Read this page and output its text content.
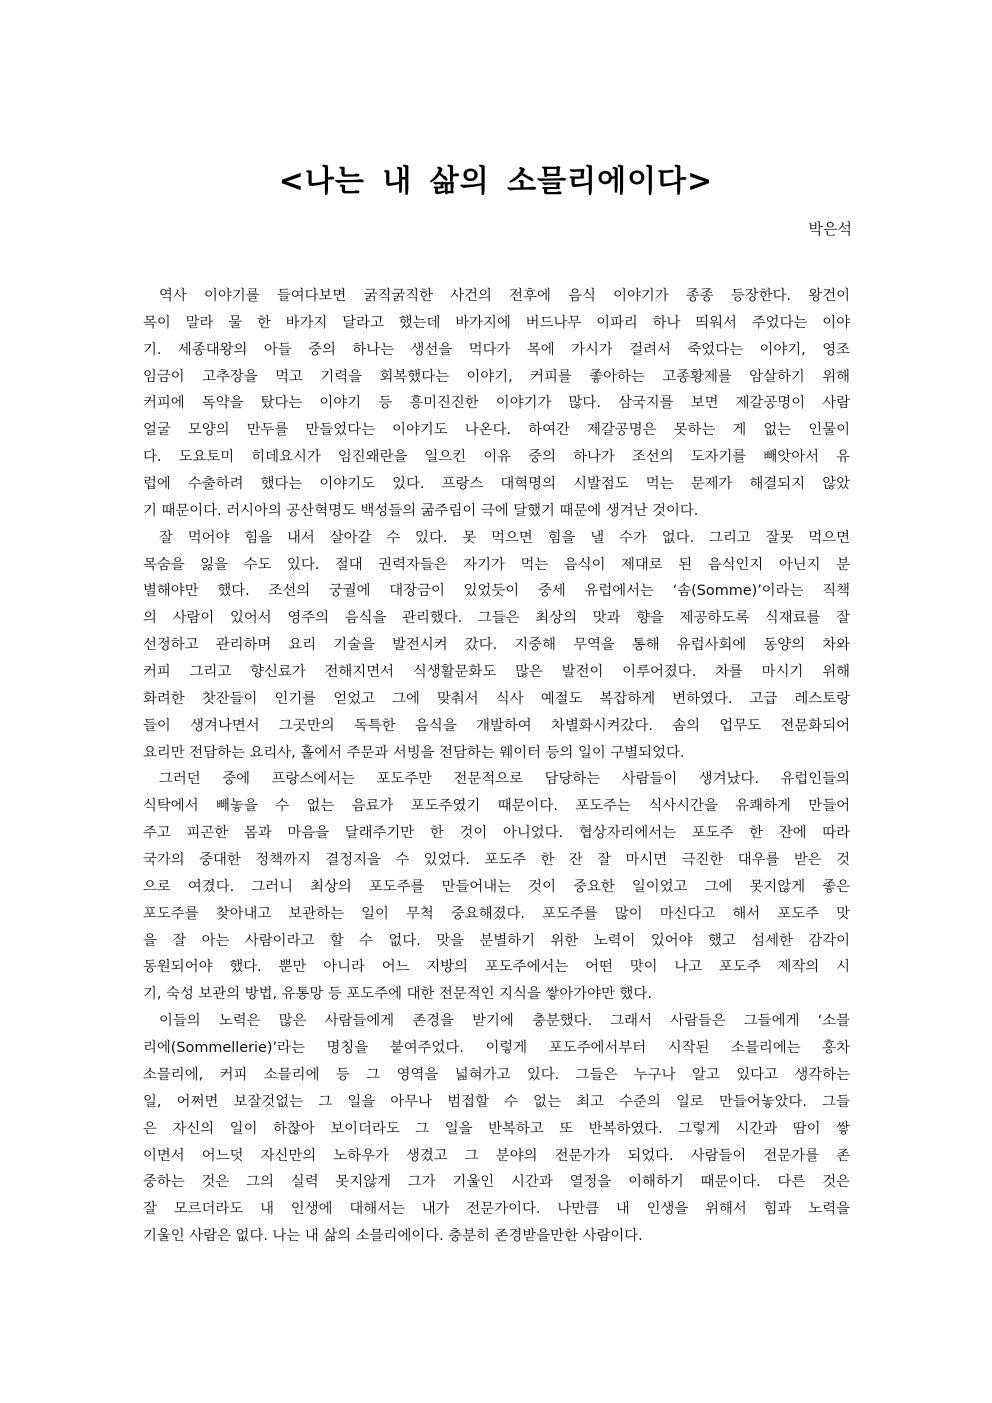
<나는 내 삶의 소믈리에이다>
박은석
역사 이야기를 들여다보면 굵직굵직한 사건의 전후에 음식 이야기가 종종 등장한다. 왕건이
목이 말라 물 한 바가지 달라고 했는데 바가지에 버드나무 이파리 하나 띄워서 주었다는 이야
기. 세종대왕의 아들 중의 하나는 생선을 먹다가 목에 가시가 걸려서 죽었다는 이야기, 영조
임금이 고추장을 먹고 기력을 회복했다는 이야기, 커피를 좋아하는 고종황제를 암살하기 위해
커피에 독약을 탔다는 이야기 등 흥미진진한 이야기가 많다. 삼국지를 보면 제갈공명이 사람
얼굴 모양의 만두를 만들었다는 이야기도 나온다. 하여간 제갈공명은 못하는 게 없는 인물이
다. 도요토미 히데요시가 임진왜란을 일으킨 이유 중의 하나가 조선의 도자기를 빼앗아서 유
럽에 수출하려 했다는 이야기도 있다. 프랑스 대혁명의 시발점도 먹는 문제가 해결되지 않았
기 때문이다. 러시아의 공산혁명도 백성들의 굶주림이 극에 달했기 때문에 생겨난 것이다.
잘 먹어야 힘을 내서 살아갈 수 있다. 못 먹으면 힘을 낼 수가 없다. 그리고 잘못 먹으면
목숨을 잃을 수도 있다. 절대 권력자들은 자기가 먹는 음식이 제대로 된 음식인지 아닌지 분
별해야만 했다. 조선의 궁궐에 대장금이 있었듯이 중세 유럽에서는 ‘솜(Somme)’이라는 직책
의 사람이 있어서 영주의 음식을 관리했다. 그들은 최상의 맛과 향을 제공하도록 식재료를 잘
선정하고 관리하며 요리 기술을 발전시켜 갔다. 지중해 무역을 통해 유럽사회에 동양의 차와
커피 그리고 향신료가 전해지면서 식생활문화도 많은 발전이 이루어졌다. 차를 마시기 위해
화려한 찻잔들이 인기를 얻었고 그에 맞춰서 식사 예절도 복잡하게 변하였다. 고급 레스토랑
들이 생겨나면서 그곳만의 독특한 음식을 개발하여 차별화시켜갔다. 솜의 업무도 전문화되어
요리만 전담하는 요리사, 홀에서 주문과 서빙을 전담하는 웨이터 등의 일이 구별되었다.
그러던 중에 프랑스에서는 포도주만 전문적으로 담당하는 사람들이 생겨났다. 유럽인들의
식탁에서 빼놓을 수 없는 음료가 포도주였기 때문이다. 포도주는 식사시간을 유쾌하게 만들어
주고 피곤한 몸과 마음을 달래주기만 한 것이 아니었다. 협상자리에서는 포도주 한 잔에 따라
국가의 중대한 정책까지 결정지을 수 있었다. 포도주 한 잔 잘 마시면 극진한 대우를 받은 것
으로 여겼다. 그러니 최상의 포도주를 만들어내는 것이 중요한 일이었고 그에 못지않게 좋은
포도주를 찾아내고 보관하는 일이 무척 중요해졌다. 포도주를 많이 마신다고 해서 포도주 맛
을 잘 아는 사람이라고 할 수 없다. 맛을 분별하기 위한 노력이 있어야 했고 섬세한 감각이
동원되어야 했다. 뿐만 아니라 어느 지방의 포도주에서는 어떤 맛이 나고 포도주 제작의 시
기, 숙성 보관의 방법, 유통망 등 포도주에 대한 전문적인 지식을 쌓아가야만 했다.
이들의 노력은 많은 사람들에게 존경을 받기에 충분했다. 그래서 사람들은 그들에게 ‘소믈
리에(Sommellerie)’라는 명칭을 붙여주었다. 이렇게 포도주에서부터 시작된 소믈리에는 홍차
소믈리에, 커피 소믈리에 등 그 영역을 넓혀가고 있다. 그들은 누구나 알고 있다고 생각하는
일, 어쩌면 보잘것없는 그 일을 아무나 범접할 수 없는 최고 수준의 일로 만들어놓았다. 그들
은 자신의 일이 하찮아 보이더라도 그 일을 반복하고 또 반복하였다. 그렇게 시간과 땀이 쌓
이면서 어느덧 자신만의 노하우가 생겼고 그 분야의 전문가가 되었다. 사람들이 전문가를 존
중하는 것은 그의 실력 못지않게 그가 기울인 시간과 열정을 이해하기 때문이다. 다른 것은
잘 모르더라도 내 인생에 대해서는 내가 전문가이다. 나만큼 내 인생을 위해서 힘과 노력을
기울인 사람은 없다. 나는 내 삶의 소믈리에이다. 충분히 존경받을만한 사람이다.
